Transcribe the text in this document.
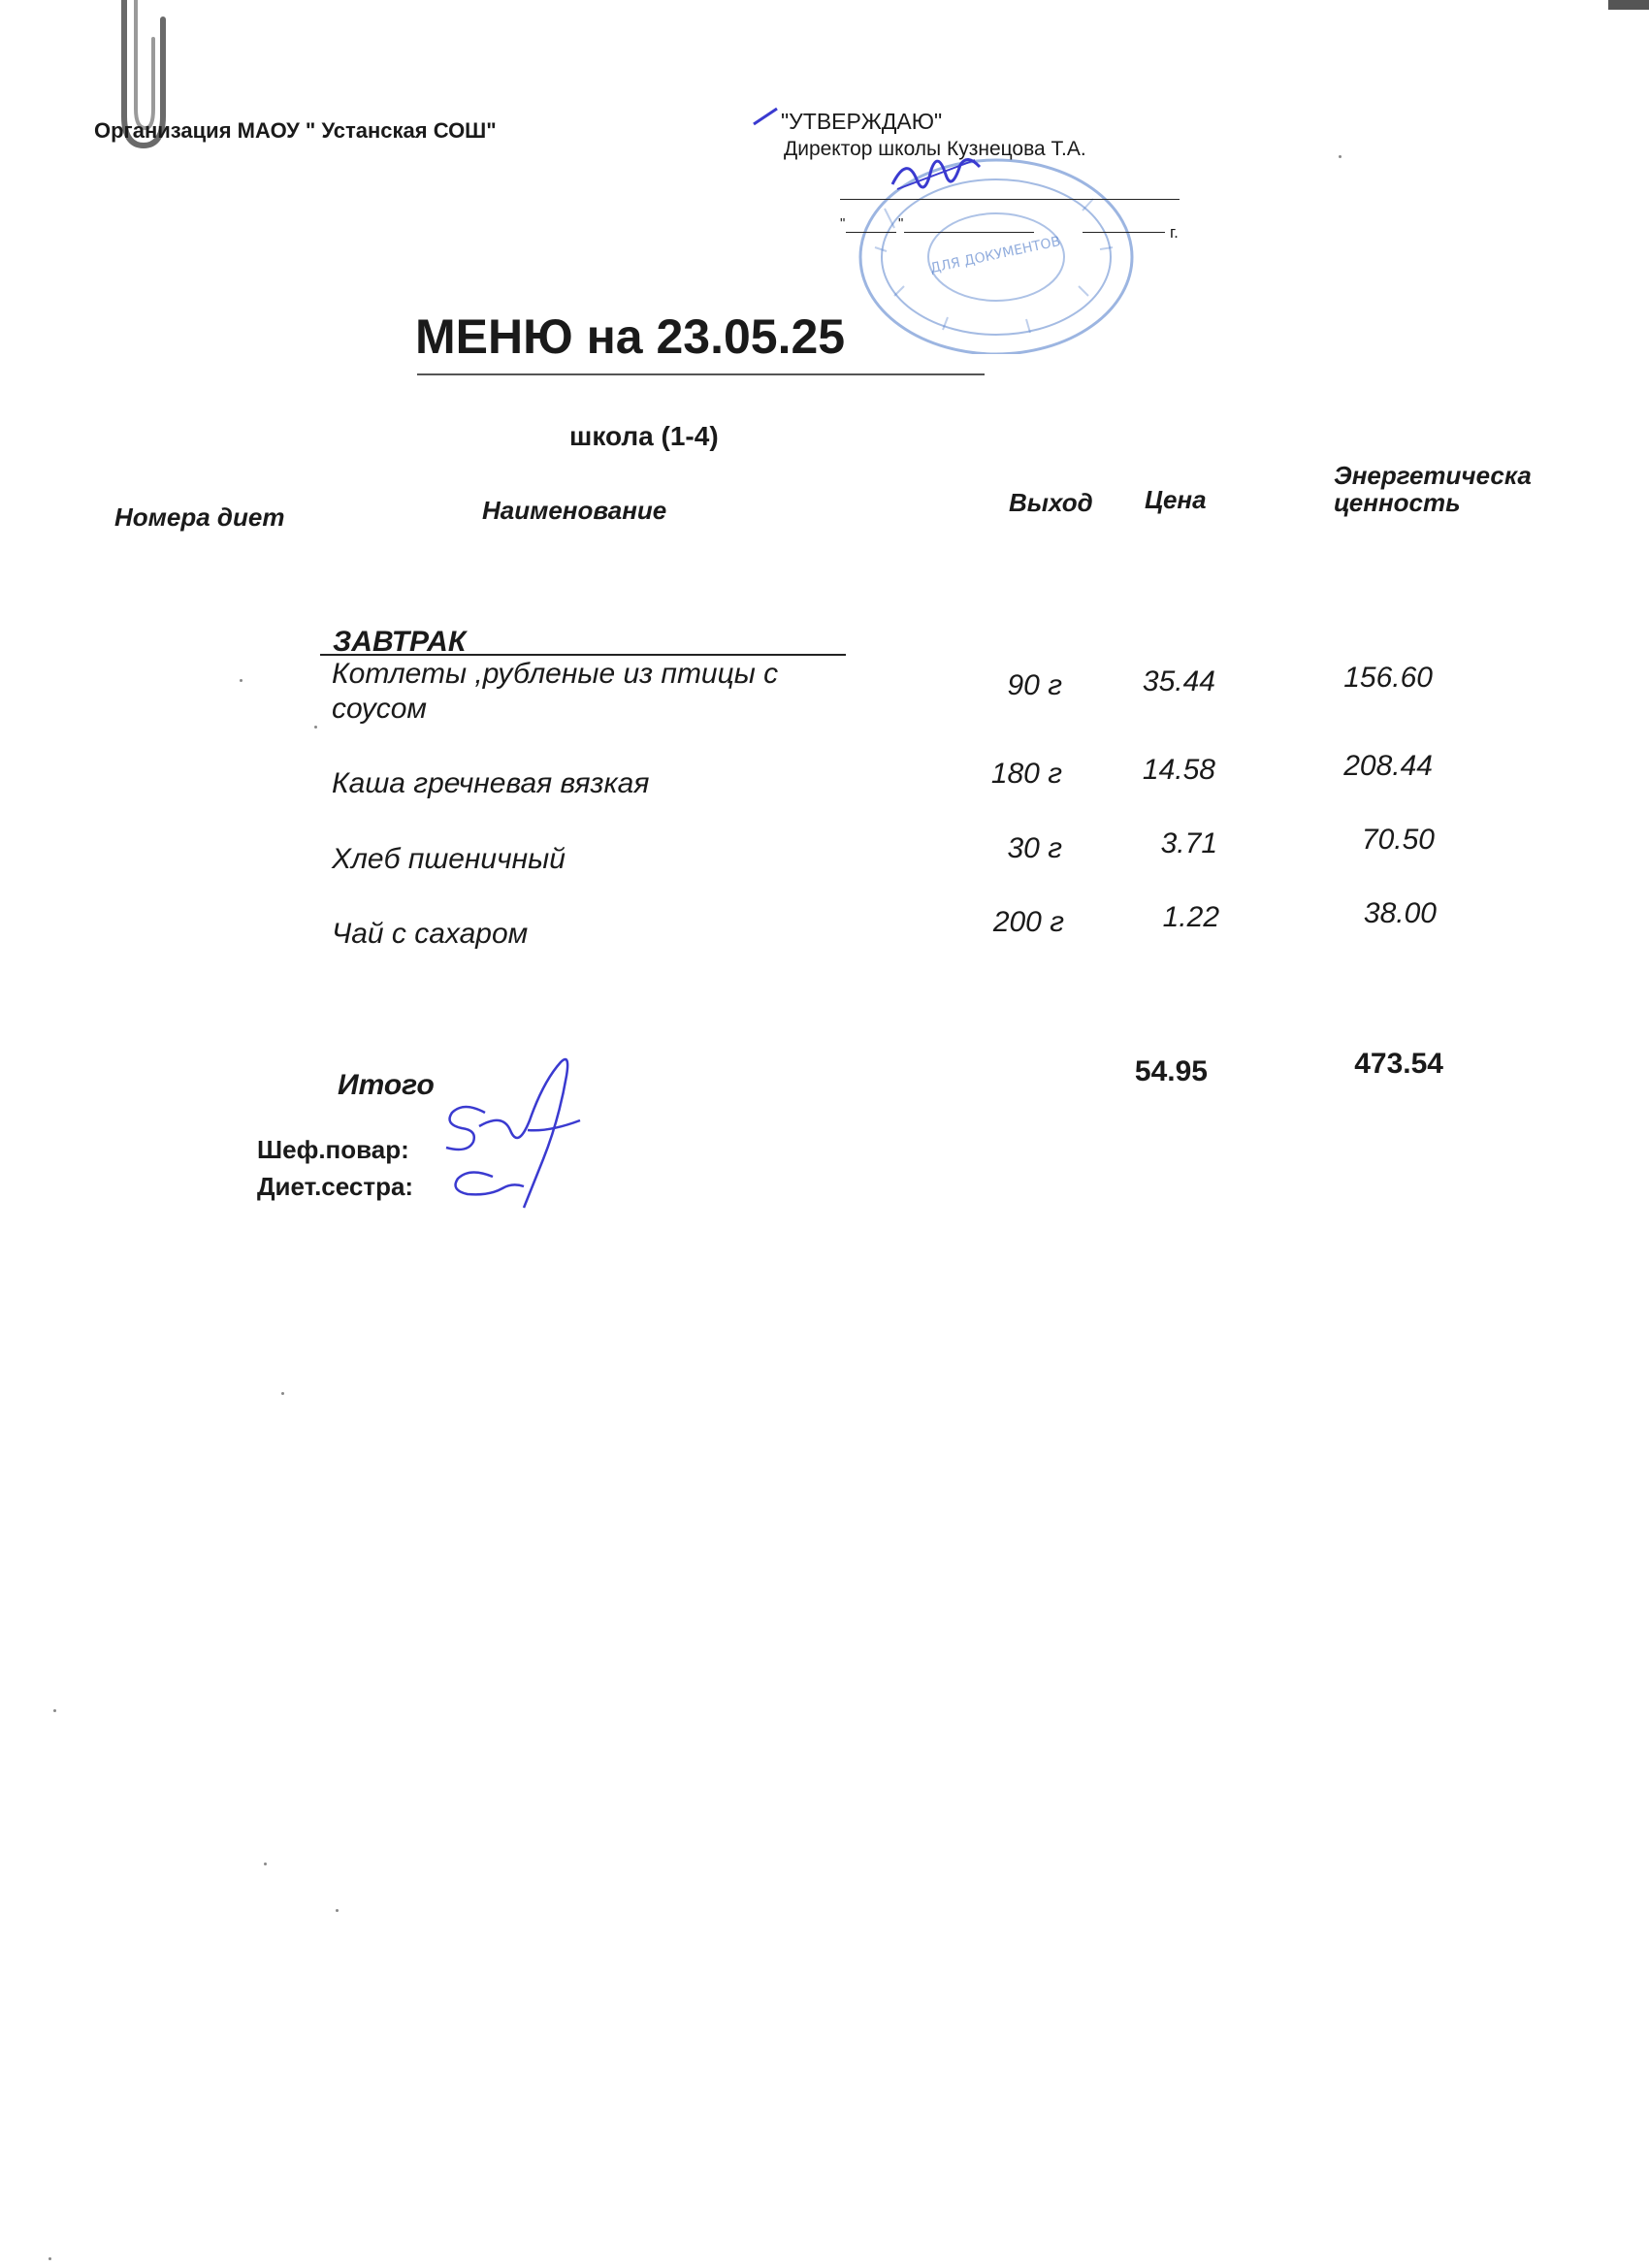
Организация МАОУ " Устанская СОШ"
ДЛЯ ДОКУМЕНТОВ
"УТВЕРЖДАЮ"
Директор школы Кузнецова Т.А.
"	"	г.
МЕНЮ на 23.05.25
школа (1-4)
Номера диет	Наименование	Выход Цена
Энергетическа
ценность
ЗАВТРАК
Котлеты ,рубленые из птицы с
соусом
90 г	35.44	156.60
Каша гречневая вязкая	180 г	14.58	208.44
Хлеб пшеничный	30 г	3.71	70.50
Чай с сахаром	200 г	1.22	38.00
Итого	54.95	473.54
Шеф.повар:
Диет.сестра:
